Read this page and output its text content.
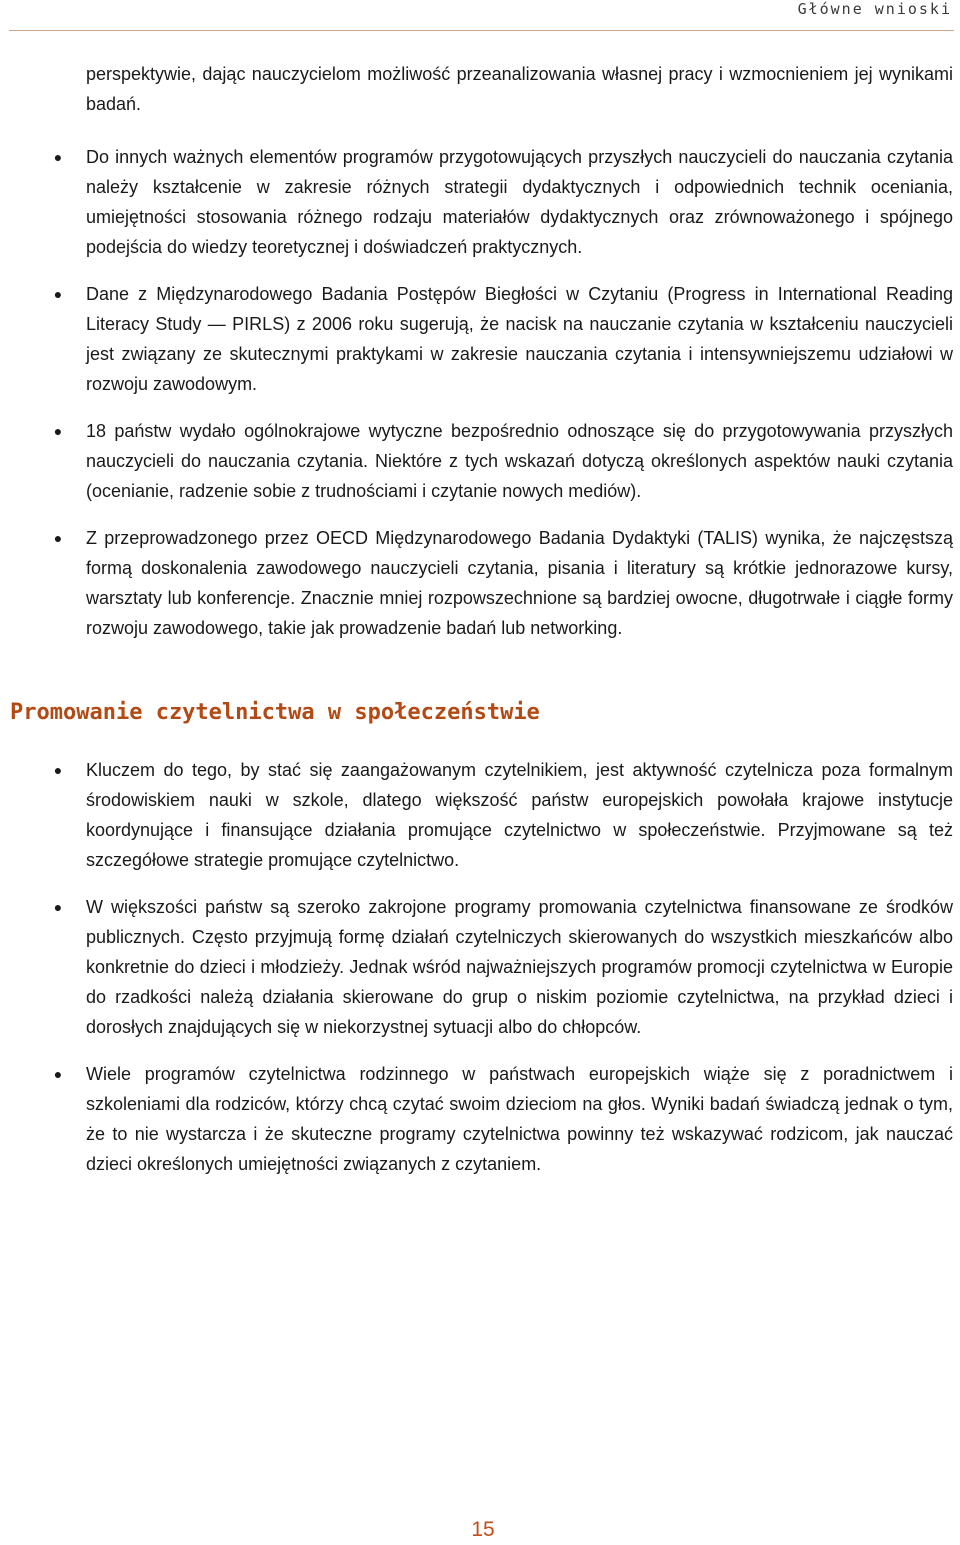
Główne wnioski

perspektywie, dając nauczycielom możliwość przeanalizowania własnej pracy i wzmocnieniem jej wynikami badań.

● Do innych ważnych elementów programów przygotowujących przyszłych nauczycieli do nauczania czytania należy kształcenie w zakresie różnych strategii dydaktycznych i odpowiednich technik oceniania, umiejętności stosowania różnego rodzaju materiałów dydaktycznych oraz zrównoważonego i spójnego podejścia do wiedzy teoretycznej i doświadczeń praktycznych.
● Dane z Międzynarodowego Badania Postępów Biegłości w Czytaniu (Progress in International Reading Literacy Study — PIRLS) z 2006 roku sugerują, że nacisk na nauczanie czytania w kształceniu nauczycieli jest związany ze skutecznymi praktykami w zakresie nauczania czytania i intensywniejszemu udziałowi w rozwoju zawodowym.
● 18 państw wydało ogólnokrajowe wytyczne bezpośrednio odnoszące się do przygotowywania przyszłych nauczycieli do nauczania czytania. Niektóre z tych wskazań dotyczą określonych aspektów nauki czytania (ocenianie, radzenie sobie z trudnościami i czytanie nowych mediów).
● Z przeprowadzonego przez OECD Międzynarodowego Badania Dydaktyki (TALIS) wynika, że najczęstszą formą doskonalenia zawodowego nauczycieli czytania, pisania i literatury są krótkie jednorazowe kursy, warsztaty lub konferencje. Znacznie mniej rozpowszechnione są bardziej owocne, długotrwałe i ciągłe formy rozwoju zawodowego, takie jak prowadzenie badań lub networking.
Promowanie czytelnictwa w społeczeństwie
● Kluczem do tego, by stać się zaangażowanym czytelnikiem, jest aktywność czytelnicza poza formalnym środowiskiem nauki w szkole, dlatego większość państw europejskich powołała krajowe instytucje koordynujące i finansujące działania promujące czytelnictwo w społeczeństwie. Przyjmowane są też szczegółowe strategie promujące czytelnictwo.
● W większości państw są szeroko zakrojone programy promowania czytelnictwa finansowane ze środków publicznych. Często przyjmują formę działań czytelniczych skierowanych do wszystkich mieszkańców albo konkretnie do dzieci i młodzieży. Jednak wśród najważniejszych programów promocji czytelnictwa w Europie do rzadkości należą działania skierowane do grup o niskim poziomie czytelnictwa, na przykład dzieci i dorosłych znajdujących się w niekorzystnej sytuacji albo do chłopców.
● Wiele programów czytelnictwa rodzinnego w państwach europejskich wiąże się z poradnictwem i szkoleniami dla rodziców, którzy chcą czytać swoim dzieciom na głos. Wyniki badań świadczą jednak o tym, że to nie wystarcza i że skuteczne programy czytelnictwa powinny też wskazywać rodzicom, jak nauczać dzieci określonych umiejętności związanych z czytaniem.
15
